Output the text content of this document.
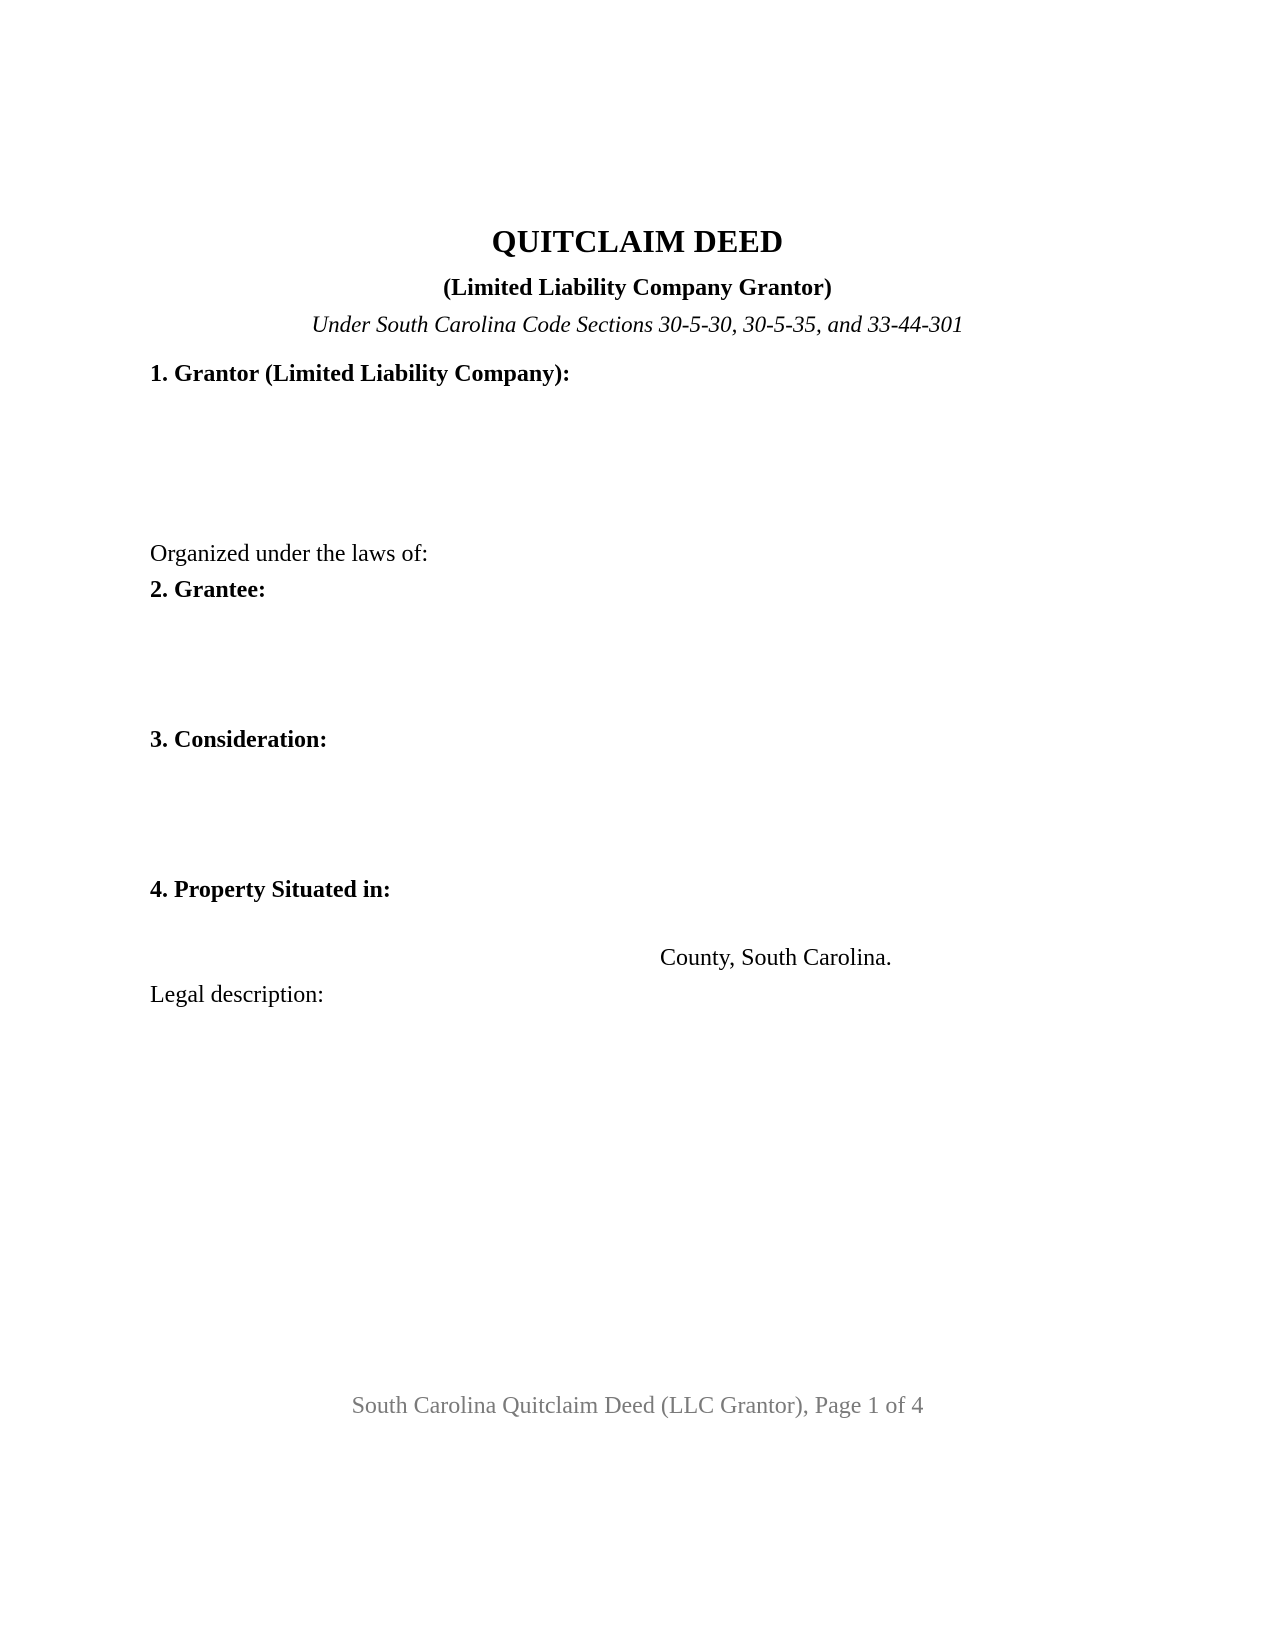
QUITCLAIM DEED
(Limited Liability Company Grantor)
Under South Carolina Code Sections 30-5-30, 30-5-35, and 33-44-301
1. Grantor (Limited Liability Company):
Organized under the laws of:
2. Grantee:
3. Consideration:
4. Property Situated in:
County, South Carolina.
Legal description:
South Carolina Quitclaim Deed (LLC Grantor), Page 1 of 4
